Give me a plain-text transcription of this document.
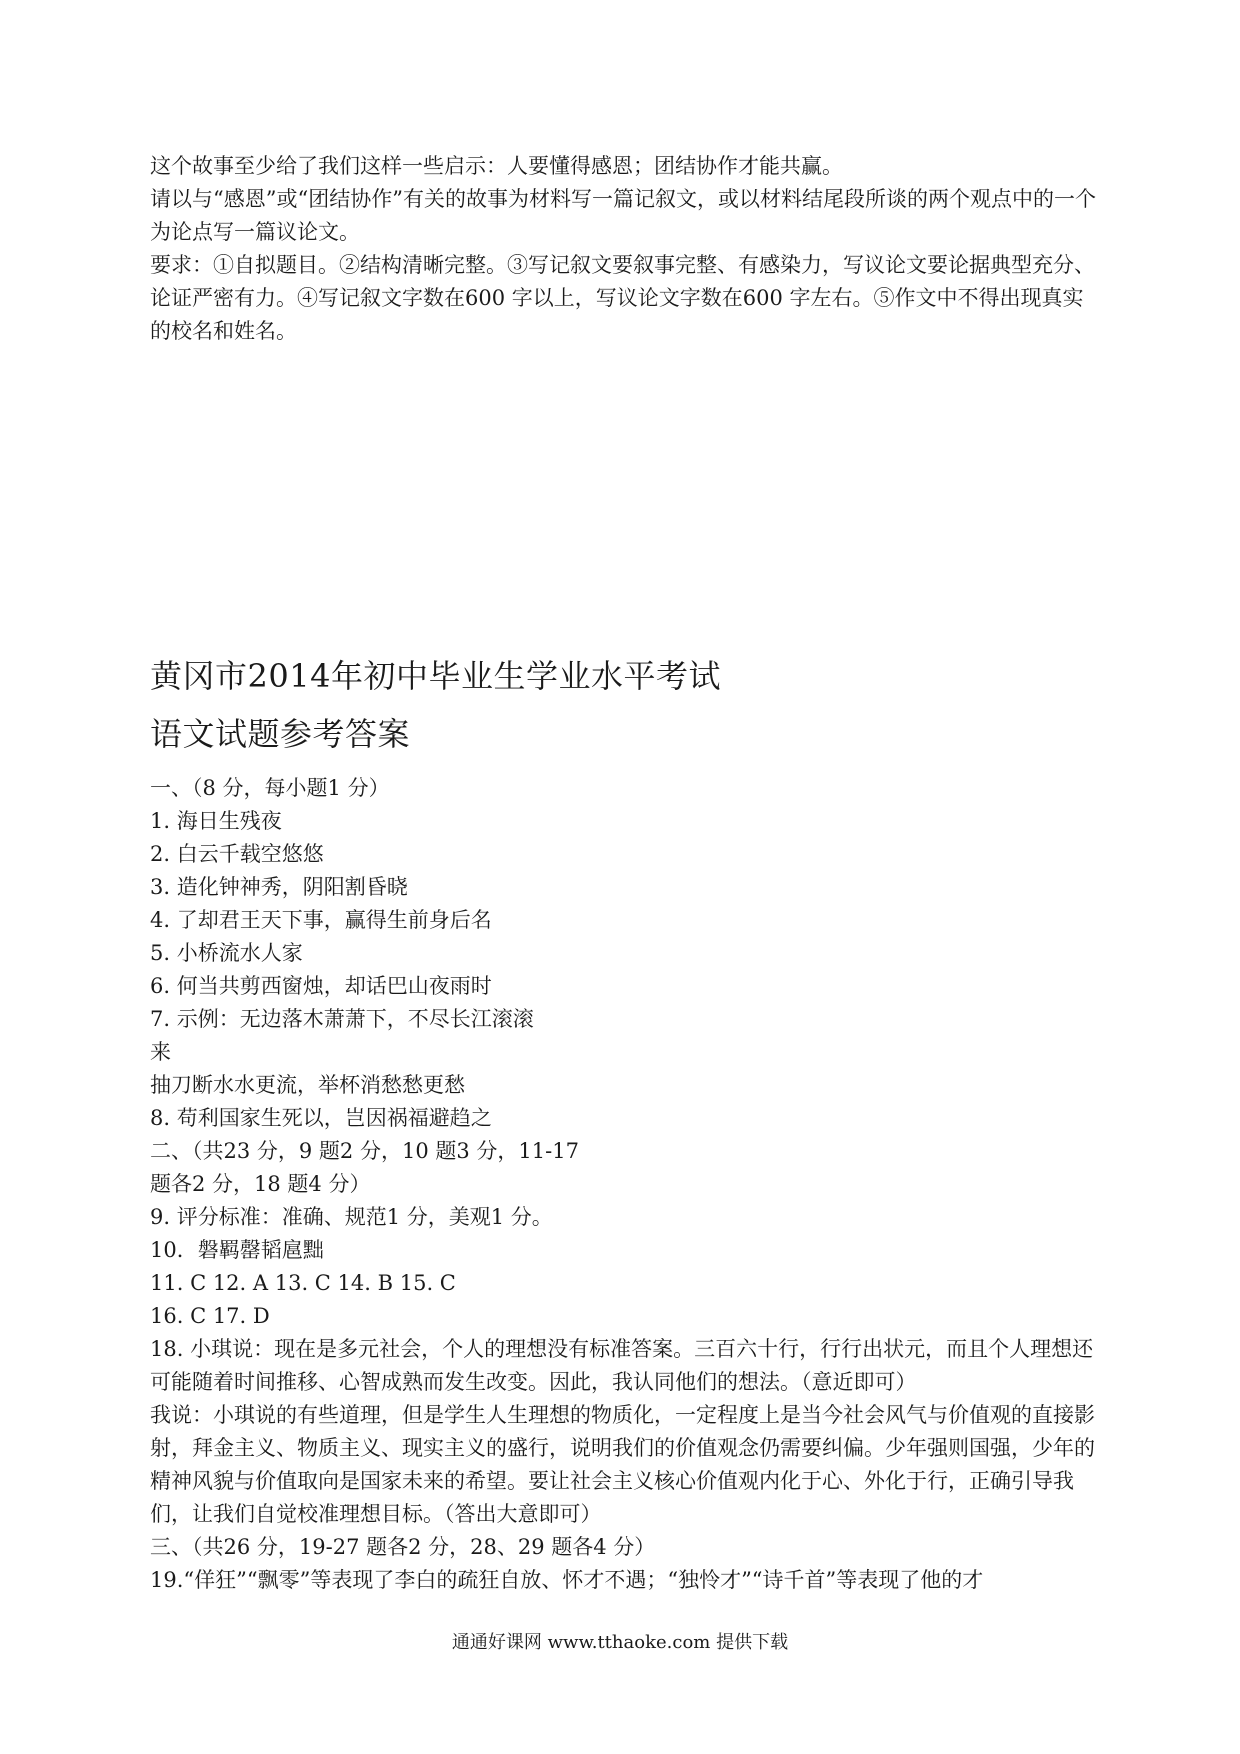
这个故事至少给了我们这样一些启示：人要懂得感恩；团结协作才能共赢。

请以与“感恩”或“团结协作”有关的故事为材料写一篇记叙文，或以材料结尾段所谈的两个观点中的一个为论点写一篇议论文。

要求：①自拟题目。②结构清晰完整。③写记叙文要叙事完整、有感染力，写议论文要论据典型充分、论证严密有力。④写记叙文字数在600 字以上，写议论文字数在600 字左右。⑤作文中不得出现真实的校名和姓名。

黄冈市2014年初中毕业生学业水平考试
语文试题参考答案

一、（8 分，每小题1 分）

1. 海日生残夜

2. 白云千载空悠悠

3. 造化钟神秀，阴阳割昏晓

4. 了却君王天下事，赢得生前身后名

5. 小桥流水人家

6. 何当共剪西窗烛，却话巴山夜雨时

7. 示例：无边落木萧萧下，不尽长江滚滚

来

抽刀断水水更流，举杯消愁愁更愁

8. 苟利国家生死以，岂因祸福避趋之

二、（共23 分，9 题2 分，10 题3 分，11-17

题各2 分，18 题4 分）

9. 评分标准：准确、规范1 分，美观1 分。

10．磐羁罄韬扈黜

11. C 12. A 13. C 14. B 15. C

16. C 17. D

18. 小琪说：现在是多元社会，个人的理想没有标准答案。三百六十行，行行出状元，而且个人理想还可能随着时间推移、心智成熟而发生改变。因此，我认同他们的想法。（意近即可）

我说：小琪说的有些道理，但是学生人生理想的物质化，一定程度上是当今社会风气与价值观的直接影射，拜金主义、物质主义、现实主义的盛行，说明我们的价值观念仍需要纠偏。少年强则国强，少年的精神风貌与价值取向是国家未来的希望。要让社会主义核心价值观内化于心、外化于行，正确引导我们，让我们自觉校准理想目标。（答出大意即可）

三、（共26 分，19-27 题各2 分，28、29 题各4 分）

19.“佯狂”“飘零”等表现了李白的疏狂自放、怀才不遇；“独怜才”“诗千首”等表现了他的才

通通好课网 www.tthaoke.com 提供下载
